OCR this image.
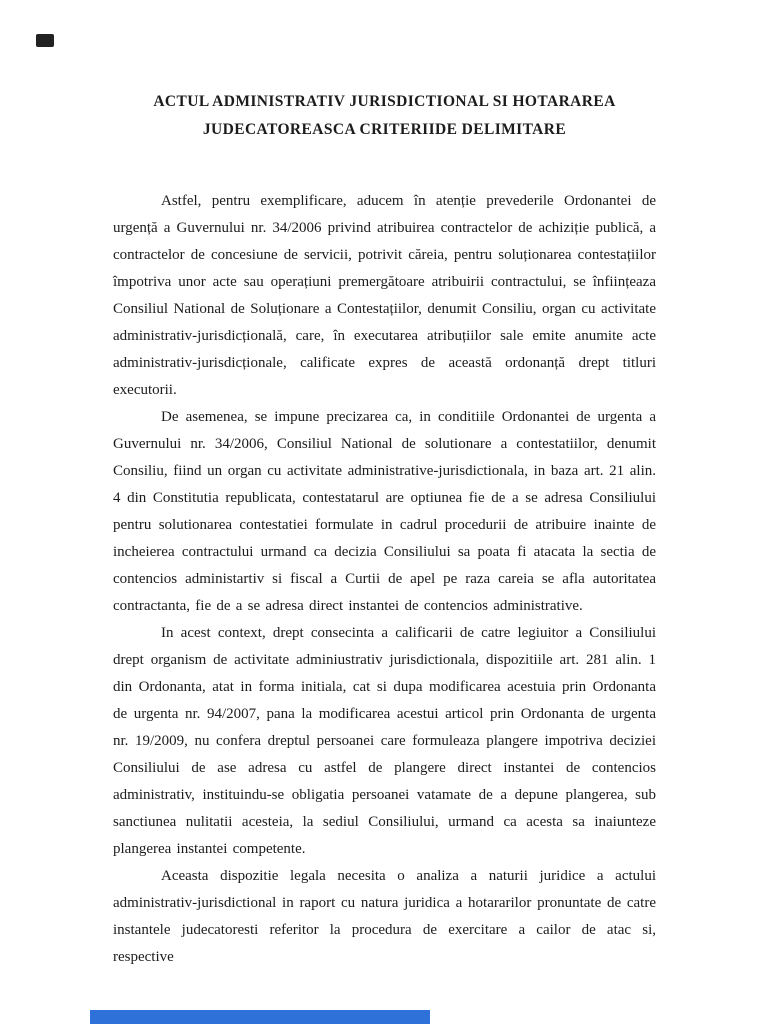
ACTUL ADMINISTRATIV JURISDICTIONAL SI HOTARAREA
JUDECATOREASCA CRITERIIDE DELIMITARE

Astfel, pentru exemplificare, aducem în atenție prevederile Ordonantei de urgență a Guvernului nr. 34/2006 privind atribuirea contractelor de achiziție publică, a contractelor de concesiune de servicii, potrivit căreia, pentru soluționarea contestațiilor împotriva unor acte sau operațiuni premergătoare atribuirii contractului, se înființeaza Consiliul National de Soluționare a Contestațiilor, denumit Consiliu, organ cu activitate administrativ-jurisdicțională, care, în executarea atribuțiilor sale emite anumite acte administrativ-jurisdicționale, calificate expres de această ordonanță drept titluri executorii.

De asemenea, se impune precizarea ca, in conditiile Ordonantei de urgenta a Guvernului nr. 34/2006, Consiliul National de solutionare a contestatiilor, denumit Consiliu, fiind un organ cu activitate administrative-jurisdictionala, in baza art. 21 alin. 4 din Constitutia republicata, contestatarul are optiunea fie de a se adresa Consiliului pentru solutionarea contestatiei formulate in cadrul procedurii de atribuire inainte de incheierea contractului urmand ca decizia Consiliului sa poata fi atacata la sectia de contencios administartiv si fiscal a Curtii de apel pe raza careia se afla autoritatea contractanta, fie de a se adresa direct instantei de contencios administrative.

In acest context, drept consecinta a calificarii de catre legiuitor a Consiliului drept organism de activitate adminiustrativ jurisdictionala, dispozitiile art. 281 alin. 1 din Ordonanta, atat in forma initiala, cat si dupa modificarea acestuia prin Ordonanta de urgenta nr. 94/2007, pana la modificarea acestui articol prin Ordonanta de urgenta nr. 19/2009, nu confera dreptul persoanei care formuleaza plangere impotriva deciziei Consiliului de ase adresa cu astfel de plangere direct instantei de contencios administrativ, instituindu-se obligatia persoanei vatamate de a depune plangerea, sub sanctiunea nulitatii acesteia, la sediul Consiliului, urmand ca acesta sa inaiunteze plangerea instantei competente.

Aceasta dispozitie legala necesita o analiza a naturii juridice a actului administrativ-jurisdictional in raport cu natura juridica a hotararilor pronuntate de catre instantele judecatoresti referitor la procedura de exercitare a cailor de atac si, respective
